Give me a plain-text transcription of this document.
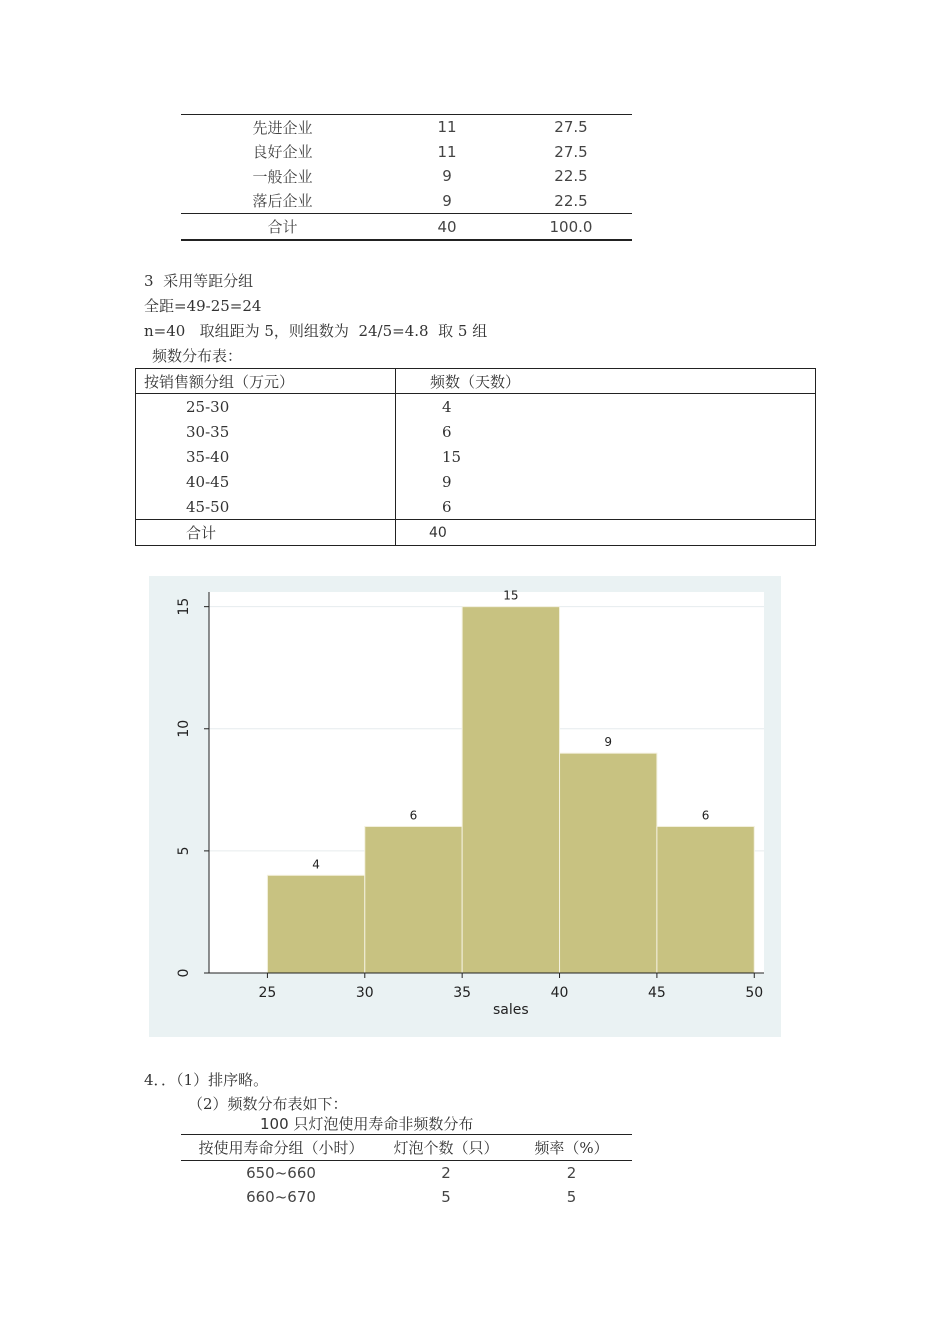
先进企业	11	27.5
良好企业	11	27.5
一般企业	9	22.5
落后企业	9	22.5
合计	40	100.0
3  采用等距分组
全距=49-25=24
n=40   取组距为 5，则组数为  24/5=4.8  取 5 组
频数分布表：
按销售额分组（万元）	频数（天数）
25-30	4
30-35	6
35-40	15
40-45	9
45-50	6
合计	40
4
6
15
9
6
25	30	35	40	45	50
0
5
10
15
sales
4．．（1）排序略。
（2）频数分布表如下：
100 只灯泡使用寿命非频数分布
按使用寿命分组（小时）	灯泡个数（只）	频率（%）
650~660	2	2
660~670	5	5
